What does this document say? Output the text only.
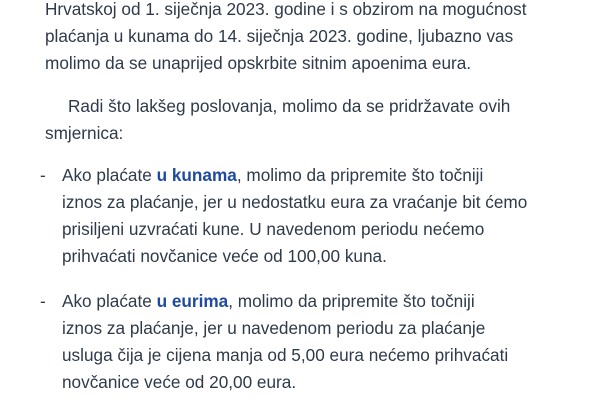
Hrvatskoj od 1. siječnja 2023. godine i s obzirom na mogućnost
plaćanja u kunama do 14. siječnja 2023. godine, ljubazno vas
molimo da se unaprijed opskrbite sitnim apoenima eura.
Radi što lakšeg poslovanja, molimo da se pridržavate ovih
smjernica:
- Ako plaćate u kunama, molimo da pripremite što točniji
iznos za plaćanje, jer u nedostatku eura za vraćanje bit ćemo
prisiljeni uzvraćati kune. U navedenom periodu nećemo
prihvaćati novčanice veće od 100,00 kuna.
- Ako plaćate u eurima, molimo da pripremite što točniji
iznos za plaćanje, jer u navedenom periodu za plaćanje
usluga čija je cijena manja od 5,00 eura nećemo prihvaćati
novčanice veće od 20,00 eura.
